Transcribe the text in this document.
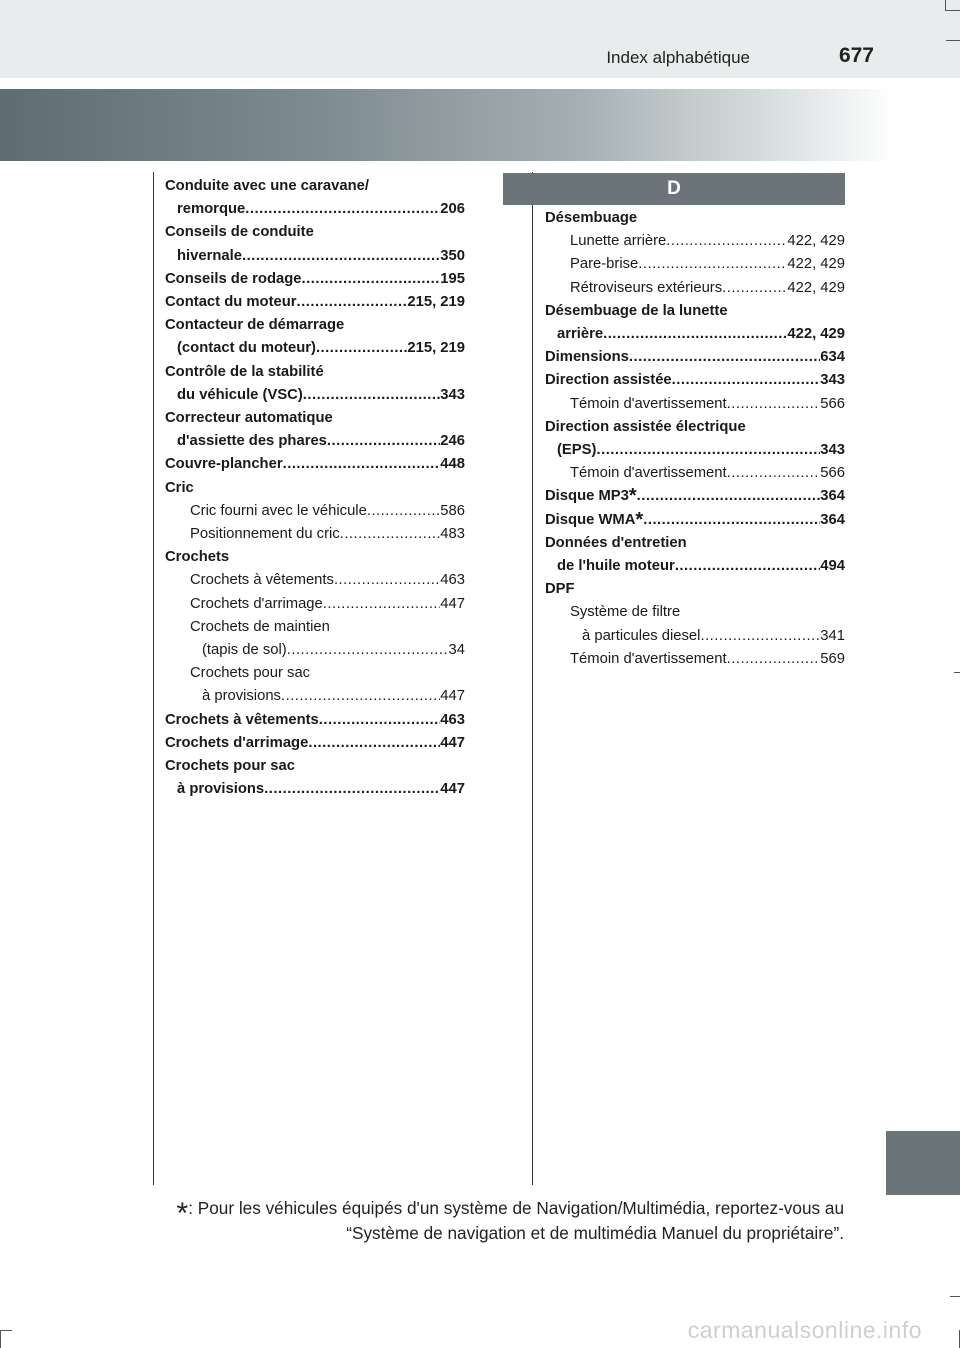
Index alphabétique	677
D
Conduite avec une caravane/
remorque .....	206
Conseils de conduite
hivernale .....	350
Conseils de rodage .....	195
Contact du moteur .....	215, 219
Contacteur de démarrage
(contact du moteur) .....	215, 219
Contrôle de la stabilité
du véhicule (VSC) .....	343
Correcteur automatique
d'assiette des phares .....	246
Couvre-plancher .....	448
Cric
Cric fourni avec le véhicule .....	586
Positionnement du cric .....	483
Crochets
Crochets à vêtements .....	463
Crochets d'arrimage .....	447
Crochets de maintien
(tapis de sol) .....	34
Crochets pour sac
à provisions .....	447
Crochets à vêtements .....	463
Crochets d'arrimage .....	447
Crochets pour sac
à provisions .....	447
Désembuage
Lunette arrière .....	422, 429
Pare-brise .....	422, 429
Rétroviseurs extérieurs .....	422, 429
Désembuage de la lunette
arrière .....	422, 429
Dimensions .....	634
Direction assistée .....	343
Témoin d'avertissement .....	566
Direction assistée électrique
(EPS) .....	343
Témoin d'avertissement .....	566
Disque MP3* .....	364
Disque WMA* .....	364
Données d'entretien
de l'huile moteur .....	494
DPF
Système de filtre
à particules diesel .....	341
Témoin d'avertissement .....	569
*: Pour les véhicules équipés d'un système de Navigation/Multimédia, reportez-vous au
“Système de navigation et de multimédia Manuel du propriétaire”.
carmanualsonline.info
